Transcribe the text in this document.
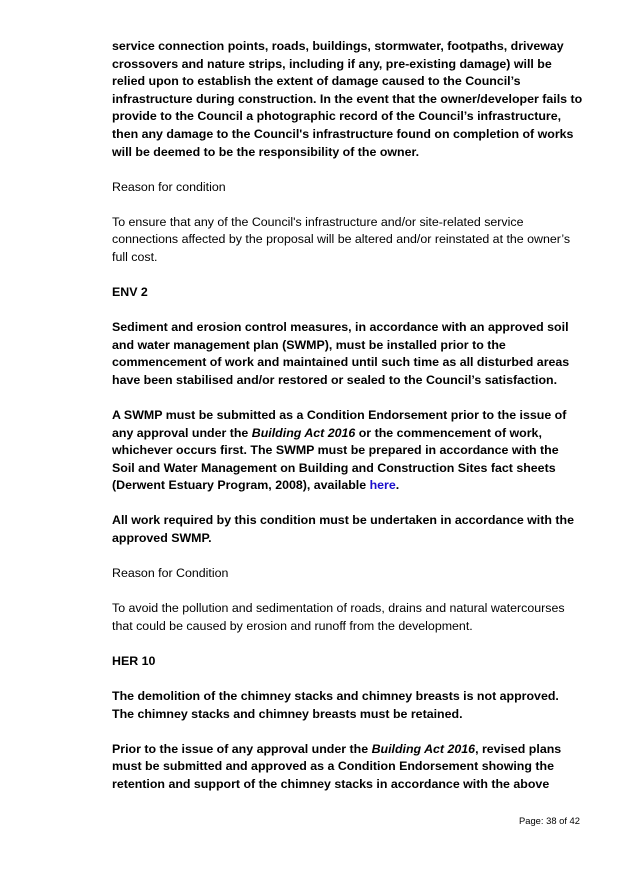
service connection points, roads, buildings, stormwater, footpaths, driveway crossovers and nature strips, including if any, pre-existing damage) will be relied upon to establish the extent of damage caused to the Council’s infrastructure during construction. In the event that the owner/developer fails to provide to the Council a photographic record of the Council’s infrastructure, then any damage to the Council's infrastructure found on completion of works will be deemed to be the responsibility of the owner.

Reason for condition

To ensure that any of the Council's infrastructure and/or site-related service connections affected by the proposal will be altered and/or reinstated at the owner’s full cost.

ENV 2

Sediment and erosion control measures, in accordance with an approved soil and water management plan (SWMP), must be installed prior to the commencement of work and maintained until such time as all disturbed areas have been stabilised and/or restored or sealed to the Council’s satisfaction.

A SWMP must be submitted as a Condition Endorsement prior to the issue of any approval under the Building Act 2016 or the commencement of work, whichever occurs first. The SWMP must be prepared in accordance with the Soil and Water Management on Building and Construction Sites fact sheets (Derwent Estuary Program, 2008), available here.

All work required by this condition must be undertaken in accordance with the approved SWMP.

Reason for Condition

To avoid the pollution and sedimentation of roads, drains and natural watercourses that could be caused by erosion and runoff from the development.

HER 10

The demolition of the chimney stacks and chimney breasts is not approved. The chimney stacks and chimney breasts must be retained.

Prior to the issue of any approval under the Building Act 2016, revised plans must be submitted and approved as a Condition Endorsement showing the retention and support of the chimney stacks in accordance with the above

Page: 38 of 42
